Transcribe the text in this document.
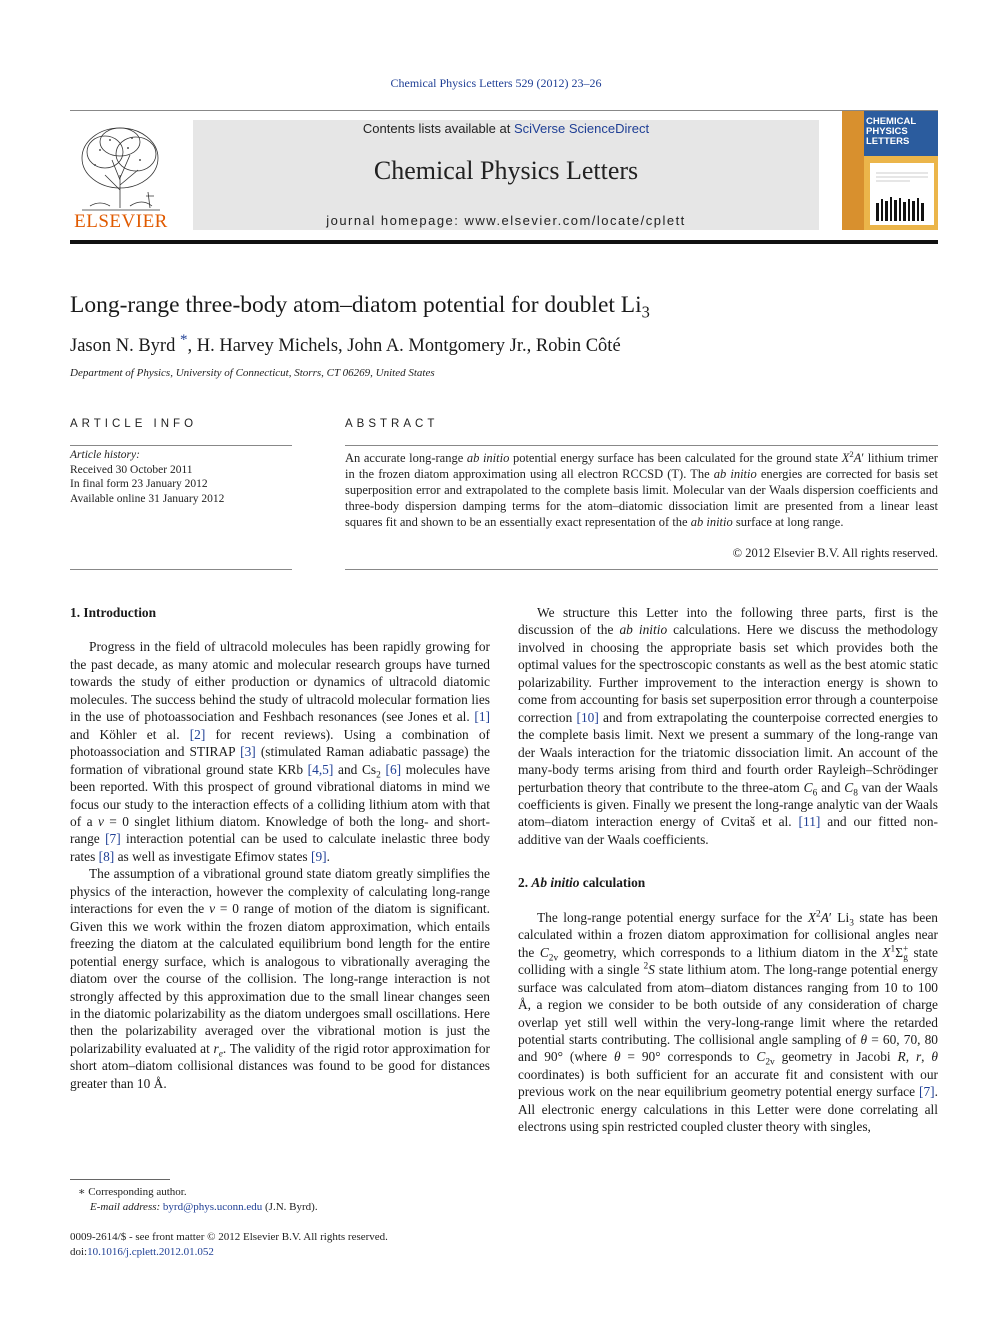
Chemical Physics Letters 529 (2012) 23–26
ELSEVIER
Contents lists available at SciVerse ScienceDirect
Chemical Physics Letters
journal homepage: www.elsevier.com/locate/cplett
CHEMICAL
PHYSICS
LETTERS
Long-range three-body atom–diatom potential for doublet $Li_3$
Jason N. Byrd *, H. Harvey Michels, John A. Montgomery Jr., Robin Côté
Department of Physics, University of Connecticut, Storrs, CT 06269, United States
ARTICLE INFO	ABSTRACT
Article history:
Received 30 October 2011
In final form 23 January 2012
Available online 31 January 2012
An accurate long-range ab initio potential energy surface has been calculated for the ground state $X^2A'$ lithium trimer in the frozen diatom approximation using all electron RCCSD (T). The ab initio energies are corrected for basis set superposition error and extrapolated to the complete basis limit. Molecular van der Waals dispersion coefficients and three-body dispersion damping terms for the atom–diatomic dissociation limit are presented from a linear least squares fit and shown to be an essentially exact representation of the ab initio surface at long range.
© 2012 Elsevier B.V. All rights reserved.
1. Introduction

Progress in the field of ultracold molecules has been rapidly growing for the past decade, as many atomic and molecular research groups have turned towards the study of either production or dynamics of ultracold diatomic molecules. The success behind the study of ultracold molecular formation lies in the use of photoassociation and Feshbach resonances (see Jones et al. [1] and Köhler et al. [2] for recent reviews). Using a combination of photoassociation and STIRAP [3] (stimulated Raman adiabatic passage) the formation of vibrational ground state KRb [4,5] and $Cs_2$ [6] molecules have been reported. With this prospect of ground vibrational diatoms in mind we focus our study to the interaction effects of a colliding lithium atom with that of a v = 0 singlet lithium diatom. Knowledge of both the long- and short-range [7] interaction potential can be used to calculate inelastic three body rates [8] as well as investigate Efimov states [9].

The assumption of a vibrational ground state diatom greatly simplifies the physics of the interaction, however the complexity of calculating long-range interactions for even the v = 0 range of motion of the diatom is significant. Given this we work within the frozen diatom approximation, which entails freezing the diatom at the calculated equilibrium bond length for the entire potential energy surface, which is analogous to vibrationally averaging the diatom over the course of the collision. The long-range interaction is not strongly affected by this approximation due to the small linear changes seen in the diatomic polarizability as the diatom undergoes small oscillations. Here then the polarizability averaged over the vibrational motion is just the polarizability evaluated at $r_e$. The validity of the rigid rotor approximation for short atom–diatom collisional distances was found to be good for distances greater than 10 Å.

We structure this Letter into the following three parts, first is the discussion of the ab initio calculations. Here we discuss the methodology involved in choosing the appropriate basis set which provides both the optimal values for the spectroscopic constants as well as the best atomic static polarizability. Further improvement to the interaction energy is shown to come from accounting for basis set superposition error through a counterpoise correction [10] and from extrapolating the counterpoise corrected energies to the complete basis limit. Next we present a summary of the long-range van der Waals interaction for the triatomic dissociation limit. An account of the many-body terms arising from third and fourth order Rayleigh–Schrödinger perturbation theory that contribute to the three-atom $C_6$ and $C_8$ van der Waals coefficients is given. Finally we present the long-range analytic van der Waals atom–diatom interaction energy of Cvitaš et al. [11] and our fitted non-additive van der Waals coefficients.

2. Ab initio calculation

The long-range potential energy surface for the $X^2A'$ $Li_3$ state has been calculated within a frozen diatom approximation for collisional angles near the $C_{2v}$ geometry, which corresponds to a lithium diatom in the $X^1\Sigma^+_g$ state colliding with a single $^2$S state lithium atom. The long-range potential energy surface was calculated from atom–diatom distances ranging from 10 to 100 Å, a region we consider to be both outside of any consideration of charge overlap yet still well within the very-long-range limit where the retarded potential starts contributing. The collisional angle sampling of θ = 60, 70, 80 and 90° (where θ = 90° corresponds to $C_{2v}$ geometry in Jacobi R, r, θ coordinates) is both sufficient for an accurate fit and consistent with our previous work on the near equilibrium geometry potential energy surface [7]. All electronic energy calculations in this Letter were done correlating all electrons using spin restricted coupled cluster theory with singles,

∗ Corresponding author.
E-mail address: byrd@phys.uconn.edu (J.N. Byrd).
0009-2614/$ - see front matter © 2012 Elsevier B.V. All rights reserved.
doi:10.1016/j.cplett.2012.01.052
